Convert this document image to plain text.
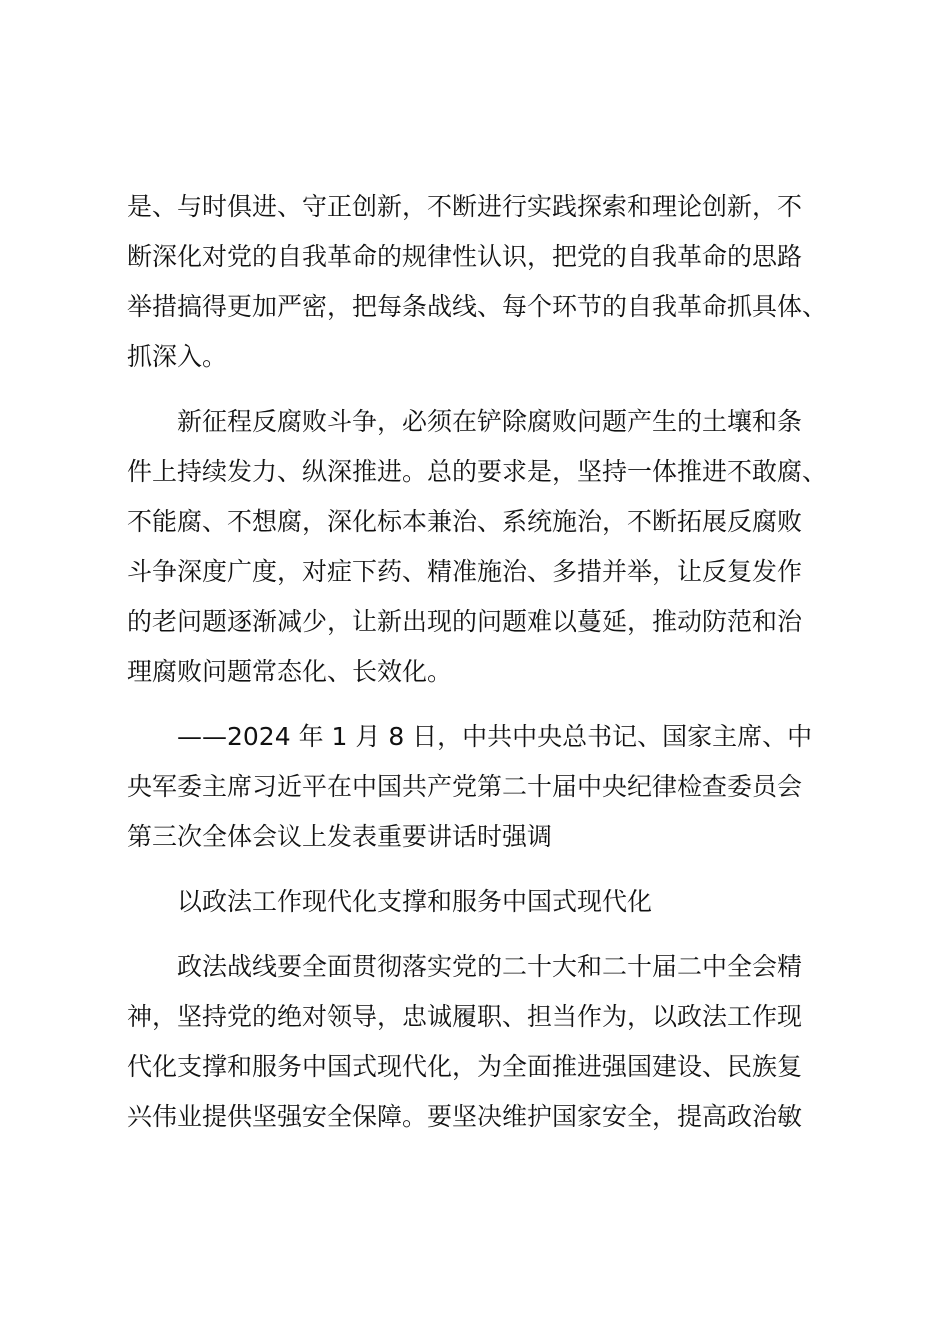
是、与时俱进、守正创新，不断进行实践探索和理论创新，不
断深化对党的自我革命的规律性认识，把党的自我革命的思路
举措搞得更加严密，把每条战线、每个环节的自我革命抓具体、
抓深入。
新征程反腐败斗争，必须在铲除腐败问题产生的土壤和条
件上持续发力、纵深推进。总的要求是，坚持一体推进不敢腐、
不能腐、不想腐，深化标本兼治、系统施治，不断拓展反腐败
斗争深度广度，对症下药、精准施治、多措并举，让反复发作
的老问题逐渐减少，让新出现的问题难以蔓延，推动防范和治
理腐败问题常态化、长效化。
——2024 年 1 月 8 日，中共中央总书记、国家主席、中
央军委主席习近平在中国共产党第二十届中央纪律检查委员会
第三次全体会议上发表重要讲话时强调
以政法工作现代化支撑和服务中国式现代化
政法战线要全面贯彻落实党的二十大和二十届二中全会精
神，坚持党的绝对领导，忠诚履职、担当作为，以政法工作现
代化支撑和服务中国式现代化，为全面推进强国建设、民族复
兴伟业提供坚强安全保障。要坚决维护国家安全，提高政治敏
